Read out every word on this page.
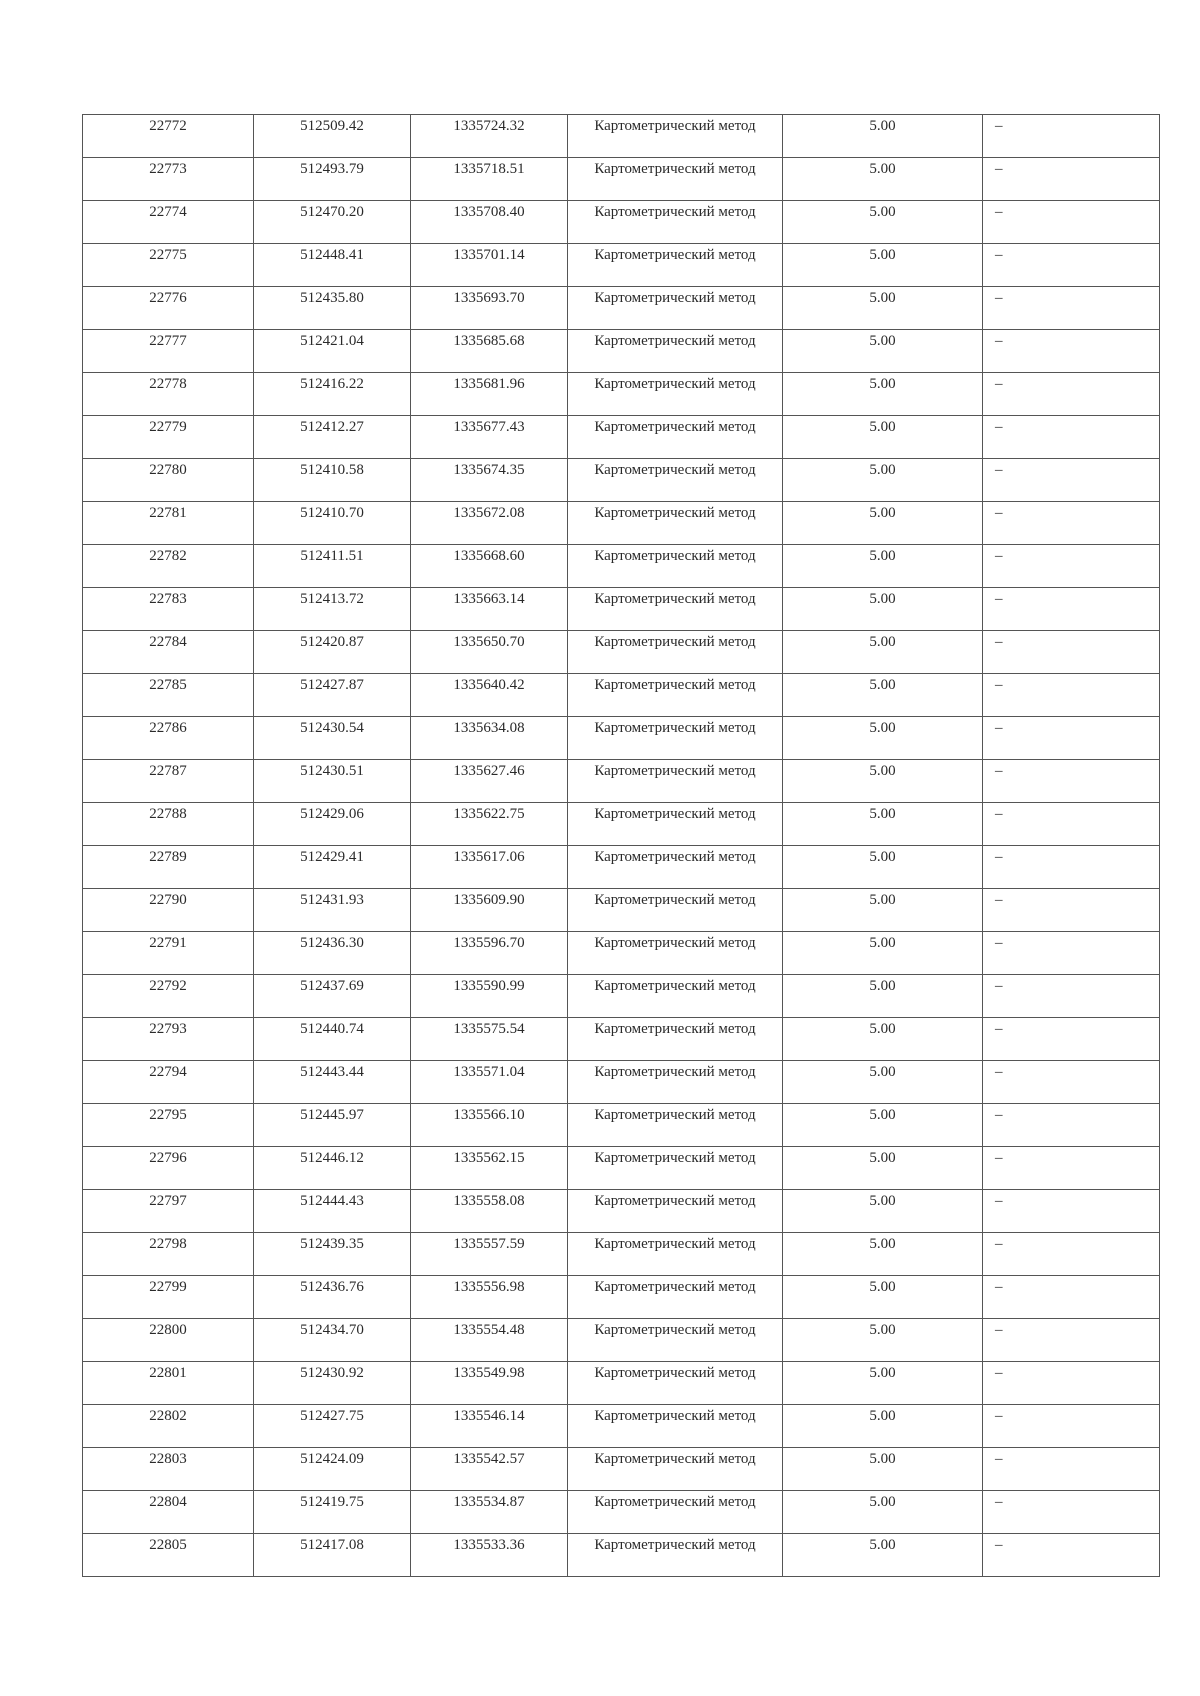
22772	512509.42	1335724.32	Картометрический метод	5.00	–

22773	512493.79	1335718.51	Картометрический метод	5.00	–

22774	512470.20	1335708.40	Картометрический метод	5.00	–

22775	512448.41	1335701.14	Картометрический метод	5.00	–

22776	512435.80	1335693.70	Картометрический метод	5.00	–

22777	512421.04	1335685.68	Картометрический метод	5.00	–

22778	512416.22	1335681.96	Картометрический метод	5.00	–

22779	512412.27	1335677.43	Картометрический метод	5.00	–

22780	512410.58	1335674.35	Картометрический метод	5.00	–

22781	512410.70	1335672.08	Картометрический метод	5.00	–

22782	512411.51	1335668.60	Картометрический метод	5.00	–

22783	512413.72	1335663.14	Картометрический метод	5.00	–

22784	512420.87	1335650.70	Картометрический метод	5.00	–

22785	512427.87	1335640.42	Картометрический метод	5.00	–

22786	512430.54	1335634.08	Картометрический метод	5.00	–

22787	512430.51	1335627.46	Картометрический метод	5.00	–

22788	512429.06	1335622.75	Картометрический метод	5.00	–

22789	512429.41	1335617.06	Картометрический метод	5.00	–

22790	512431.93	1335609.90	Картометрический метод	5.00	–

22791	512436.30	1335596.70	Картометрический метод	5.00	–

22792	512437.69	1335590.99	Картометрический метод	5.00	–

22793	512440.74	1335575.54	Картометрический метод	5.00	–

22794	512443.44	1335571.04	Картометрический метод	5.00	–

22795	512445.97	1335566.10	Картометрический метод	5.00	–

22796	512446.12	1335562.15	Картометрический метод	5.00	–

22797	512444.43	1335558.08	Картометрический метод	5.00	–

22798	512439.35	1335557.59	Картометрический метод	5.00	–

22799	512436.76	1335556.98	Картометрический метод	5.00	–

22800	512434.70	1335554.48	Картометрический метод	5.00	–

22801	512430.92	1335549.98	Картометрический метод	5.00	–

22802	512427.75	1335546.14	Картометрический метод	5.00	–

22803	512424.09	1335542.57	Картометрический метод	5.00	–

22804	512419.75	1335534.87	Картометрический метод	5.00	–

22805	512417.08	1335533.36	Картометрический метод	5.00	–
